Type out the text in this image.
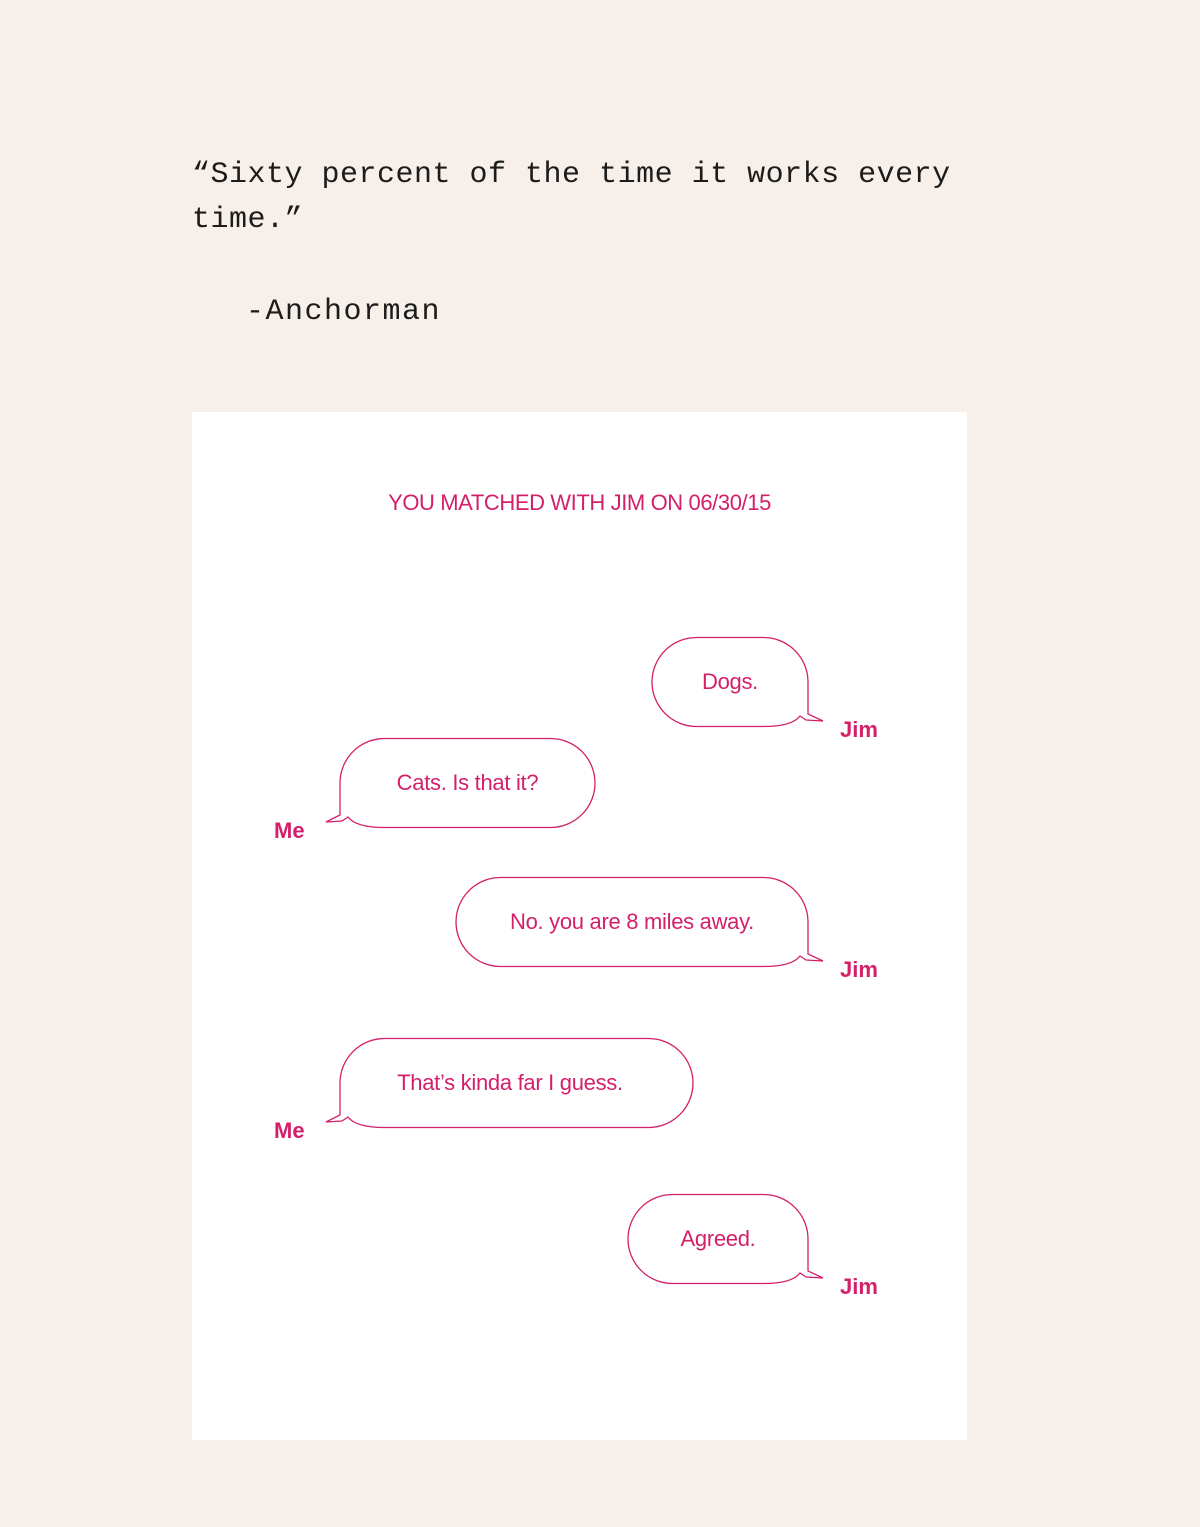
“Sixty percent of the time it works every time.”

-Anchorman

YOU MATCHED WITH JIM ON 06/30/15

Dogs.
Jim
Cats. Is that it?
Me
No. you are 8 miles away.
Jim
That’s kinda far I guess.
Me
Agreed.
Jim
